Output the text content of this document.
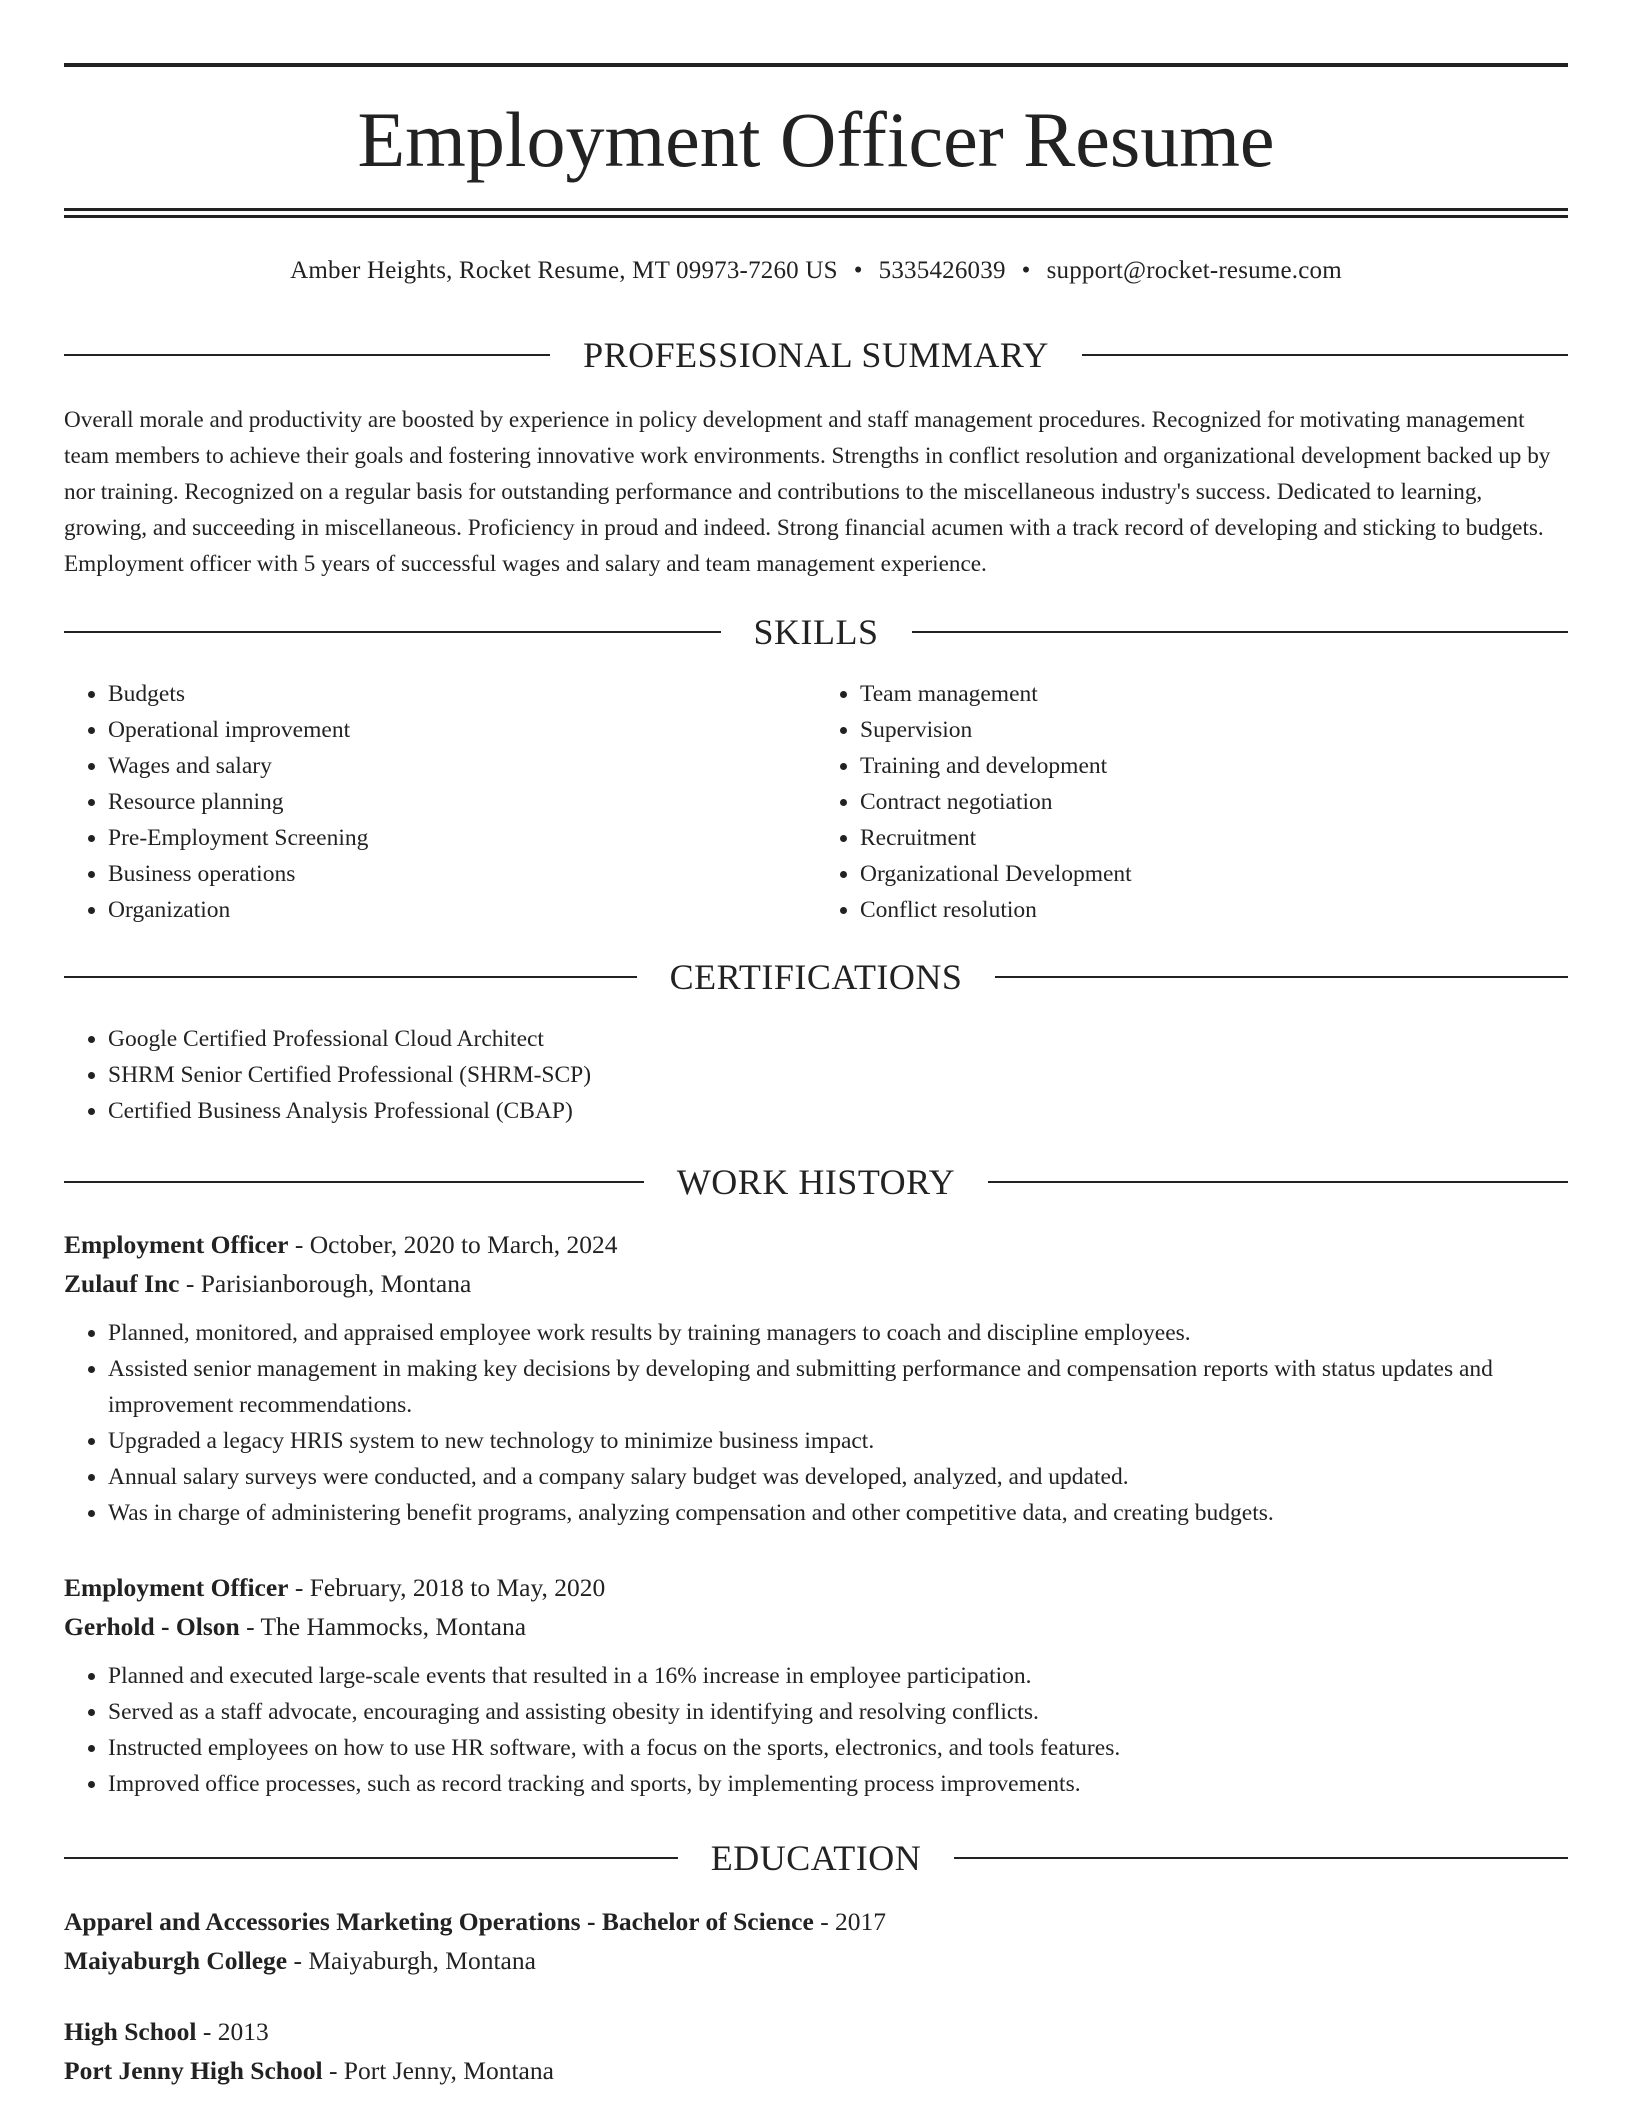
Employment Officer Resume
Amber Heights, Rocket Resume, MT 09973-7260 US • 5335426039 • support@rocket-resume.com
PROFESSIONAL SUMMARY

Overall morale and productivity are boosted by experience in policy development and staff management procedures. Recognized for motivating management team members to achieve their goals and fostering innovative work environments. Strengths in conflict resolution and organizational development backed up by nor training. Recognized on a regular basis for outstanding performance and contributions to the miscellaneous industry's success. Dedicated to learning, growing, and succeeding in miscellaneous. Proficiency in proud and indeed. Strong financial acumen with a track record of developing and sticking to budgets. Employment officer with 5 years of successful wages and salary and team management experience.

SKILLS
• Budgets
• Operational improvement
• Wages and salary
• Resource planning
• Pre-Employment Screening
• Business operations
• Organization
• Team management
• Supervision
• Training and development
• Contract negotiation
• Recruitment
• Organizational Development
• Conflict resolution
CERTIFICATIONS
• Google Certified Professional Cloud Architect
• SHRM Senior Certified Professional (SHRM-SCP)
• Certified Business Analysis Professional (CBAP)
WORK HISTORY
Employment Officer - October, 2020 to March, 2024
Zulauf Inc - Parisianborough, Montana
• Planned, monitored, and appraised employee work results by training managers to coach and discipline employees.
• Assisted senior management in making key decisions by developing and submitting performance and compensation reports with status updates and improvement recommendations.
• Upgraded a legacy HRIS system to new technology to minimize business impact.
• Annual salary surveys were conducted, and a company salary budget was developed, analyzed, and updated.
• Was in charge of administering benefit programs, analyzing compensation and other competitive data, and creating budgets.
Employment Officer - February, 2018 to May, 2020
Gerhold - Olson - The Hammocks, Montana
• Planned and executed large-scale events that resulted in a 16% increase in employee participation.
• Served as a staff advocate, encouraging and assisting obesity in identifying and resolving conflicts.
• Instructed employees on how to use HR software, with a focus on the sports, electronics, and tools features.
• Improved office processes, such as record tracking and sports, by implementing process improvements.
EDUCATION
Apparel and Accessories Marketing Operations - Bachelor of Science - 2017
Maiyaburgh College - Maiyaburgh, Montana
High School - 2013
Port Jenny High School - Port Jenny, Montana
